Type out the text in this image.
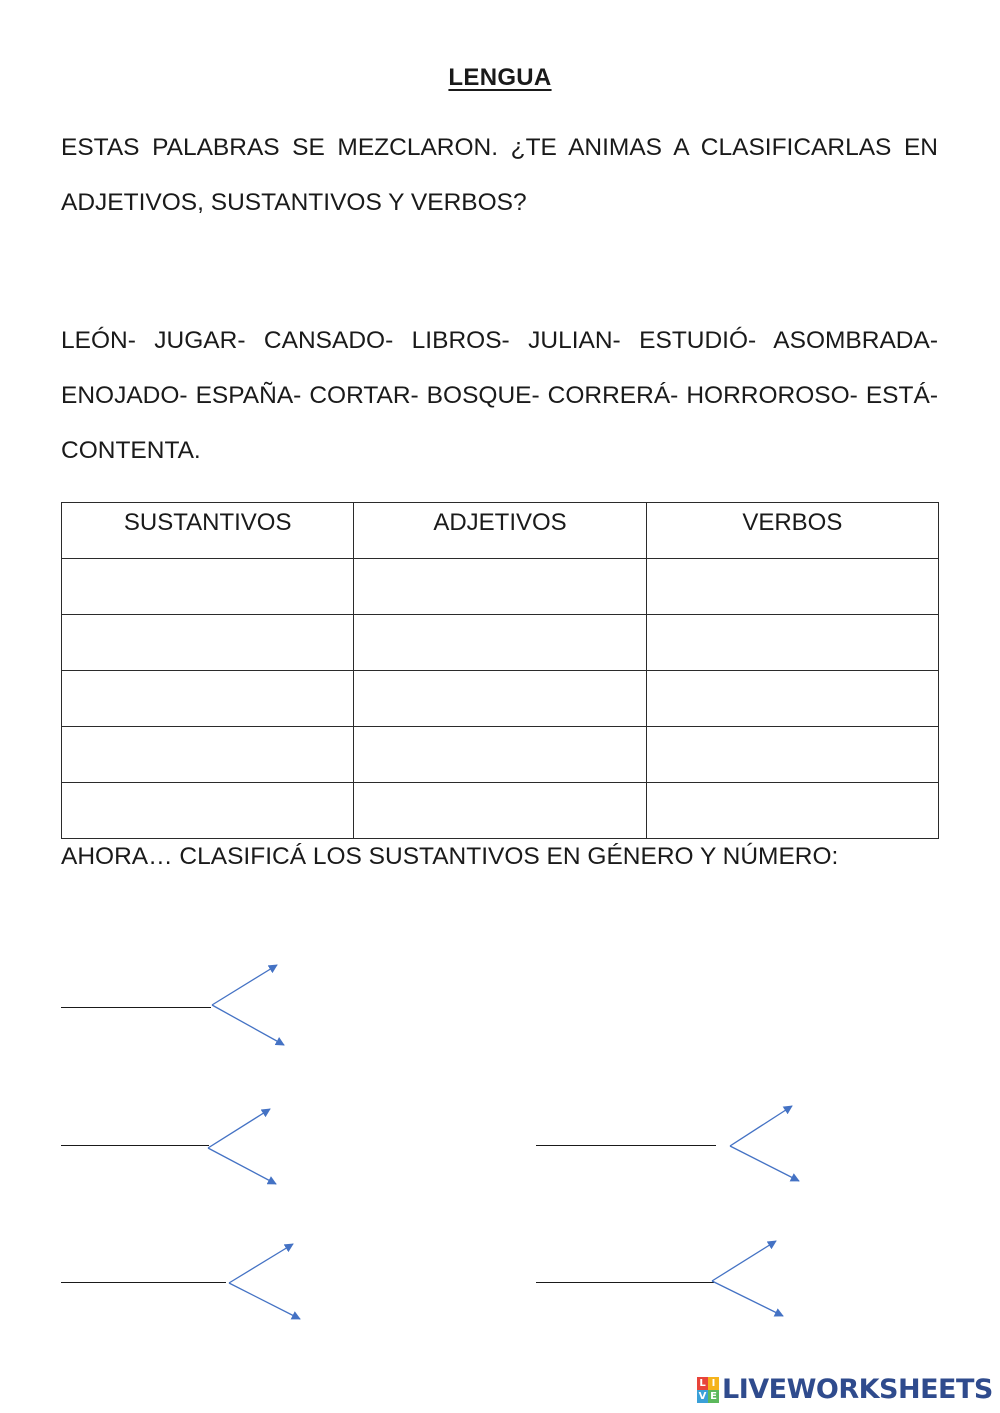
LENGUA

ESTAS PALABRAS SE MEZCLARON. ¿TE ANIMAS A CLASIFICARLAS EN ADJETIVOS, SUSTANTIVOS Y VERBOS?

LEÓN- JUGAR- CANSADO- LIBROS- JULIAN- ESTUDIÓ- ASOMBRADA- ENOJADO- ESPAÑA- CORTAR- BOSQUE- CORRERÁ- HORROROSO- ESTÁ- CONTENTA.

SUSTANTIVOS	ADJETIVOS	VERBOS

AHORA… CLASIFICÁ LOS SUSTANTIVOS EN GÉNERO Y NÚMERO:

L I
V E LIVEWORKSHEETS
